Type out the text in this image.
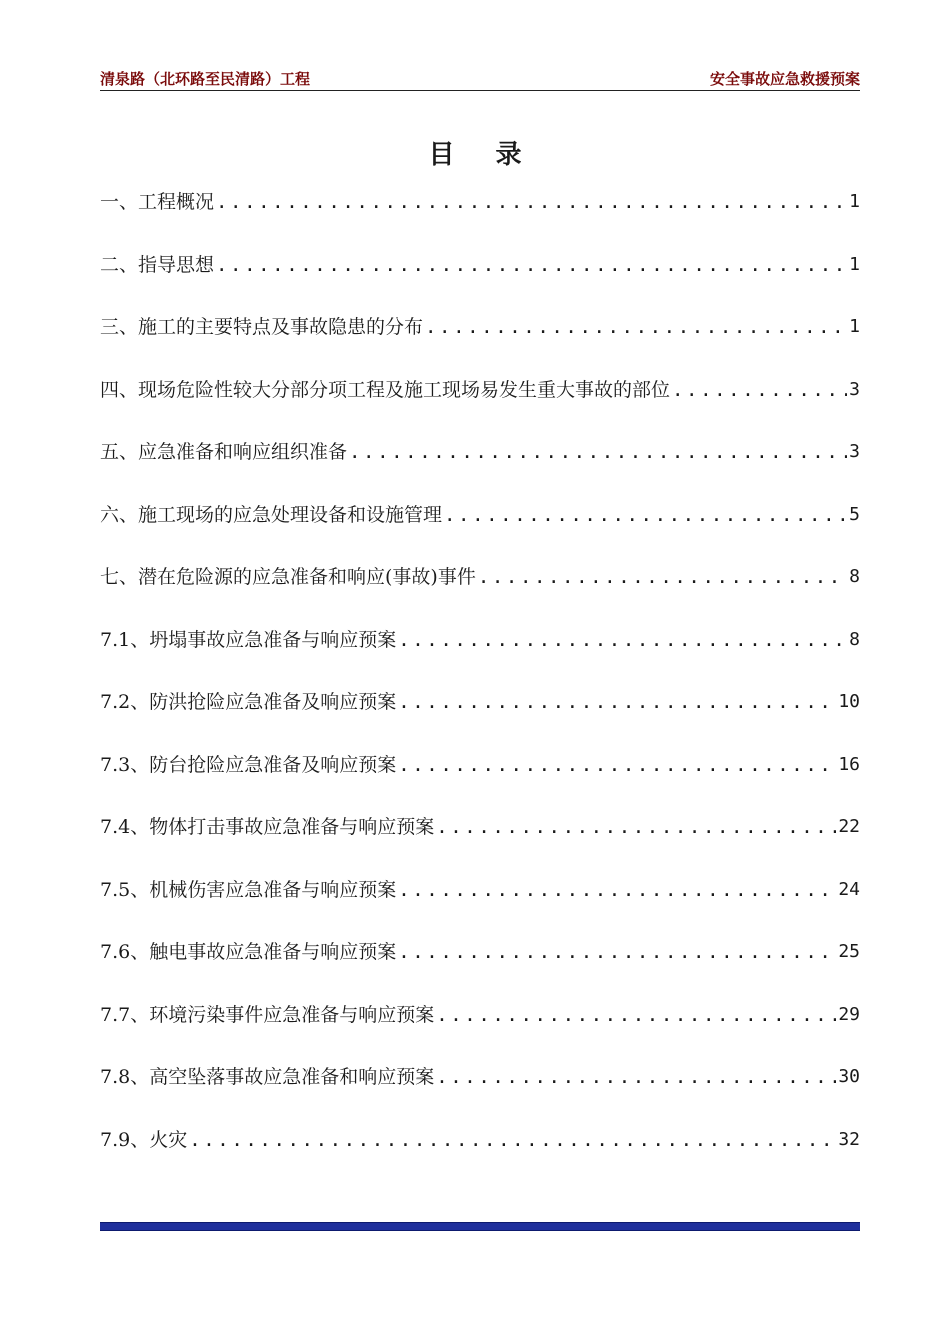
清泉路（北环路至民清路）工程	安全事故应急救援预案
目 录
一、工程概况 .....	1
二、指导思想 .....	1
三、施工的主要特点及事故隐患的分布 .....	1
四、现场危险性较大分部分项工程及施工现场易发生重大事故的部位 .....	3
五、应急准备和响应组织准备 .....	3
六、施工现场的应急处理设备和设施管理 .....	5
七、潜在危险源的应急准备和响应(事故)事件 .....	8
7.1、坍塌事故应急准备与响应预案 .....	8
7.2、防洪抢险应急准备及响应预案 .....	10
7.3、防台抢险应急准备及响应预案 .....	16
7.4、物体打击事故应急准备与响应预案 .....	22
7.5、机械伤害应急准备与响应预案 .....	24
7.6、触电事故应急准备与响应预案 .....	25
7.7、环境污染事件应急准备与响应预案 .....	29
7.8、高空坠落事故应急准备和响应预案 .....	30
7.9、火灾 .....	32
